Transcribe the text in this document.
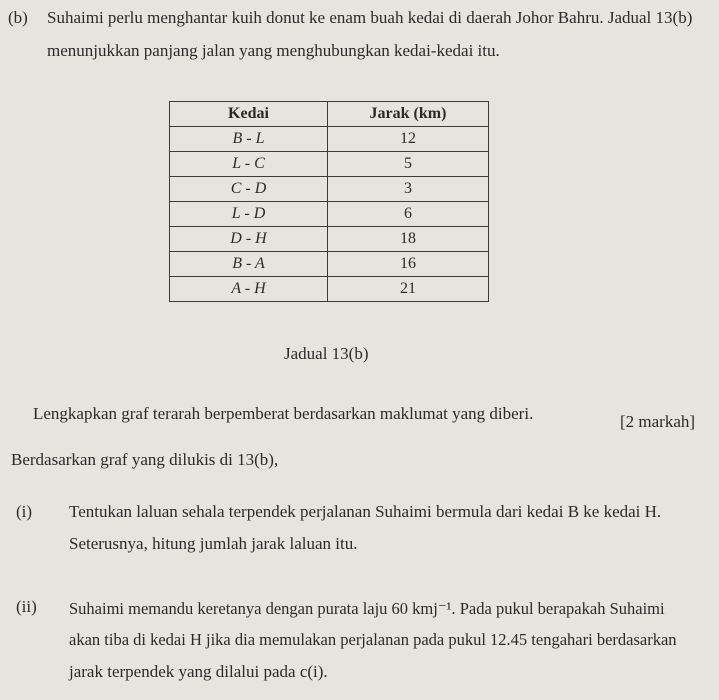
(b) Suhaimi perlu menghantar kuih donut ke enam buah kedai di daerah Johor Bahru. Jadual 13(b)
menunjukkan panjang jalan yang menghubungkan kedai-kedai itu.
Kedai	Jarak (km)
B - L	12
L - C	5
C - D	3
L - D	6
D - H	18
B - A	16
A - H	21
Jadual 13(b)
Lengkapkan graf terarah berpemberat berdasarkan maklumat yang diberi.	[2 markah]
Berdasarkan graf yang dilukis di 13(b),
(i) Tentukan laluan sehala terpendek perjalanan Suhaimi bermula dari kedai B ke kedai H.
Seterusnya, hitung jumlah jarak laluan itu.
(ii) Suhaimi memandu keretanya dengan purata laju 60 kmj⁻¹. Pada pukul berapakah Suhaimi
akan tiba di kedai H jika dia memulakan perjalanan pada pukul 12.45 tengahari berdasarkan
jarak terpendek yang dilalui pada c(i).
